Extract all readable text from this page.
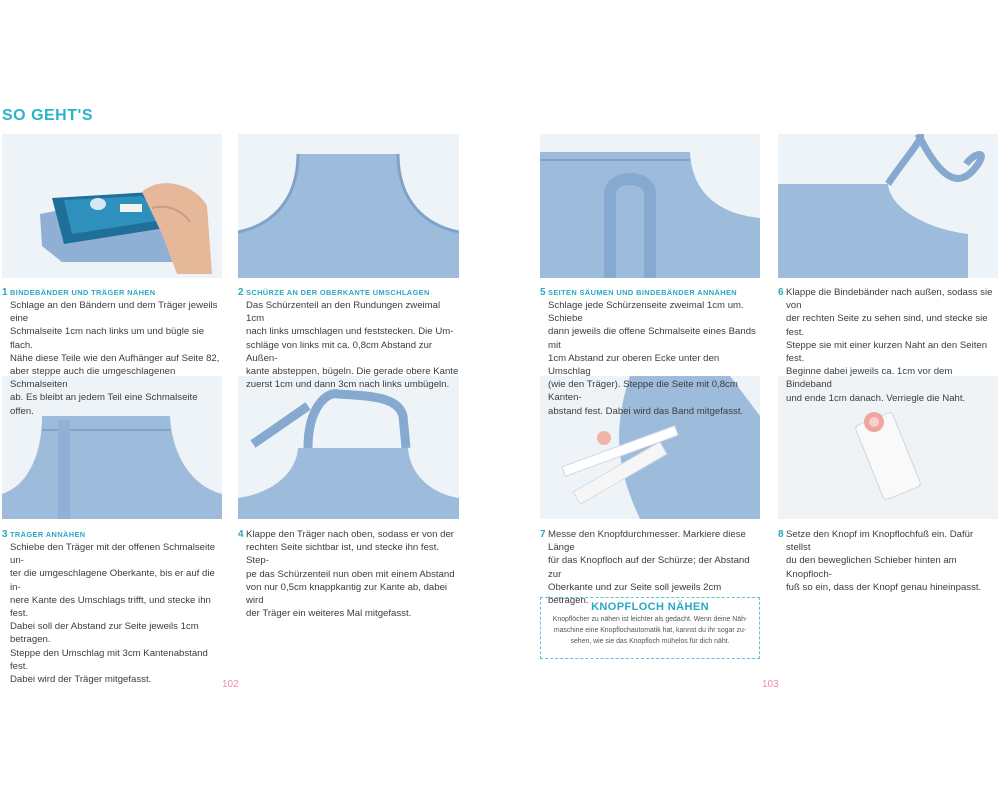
SO GEHT'S
1 BINDEBÄNDER UND TRÄGER NÄHEN
Schlage an den Bändern und dem Träger jeweils eine
Schmalseite 1cm nach links um und bügle sie flach.
Nähe diese Teile wie den Aufhänger auf Seite 82,
aber steppe auch die umgeschlagenen Schmalseiten
ab. Es bleibt an jedem Teil eine Schmalseite offen.
2 SCHÜRZE AN DER OBERKANTE UMSCHLAGEN
Das Schürzenteil an den Rundungen zweimal 1cm
nach links umschlagen und feststecken. Die Um-
schläge von links mit ca. 0,8cm Abstand zur Außen-
kante absteppen, bügeln. Die gerade obere Kante
zuerst 1cm und dann 3cm nach links umbügeln.
5 SEITEN SÄUMEN UND BINDEBÄNDER ANNÄHEN
Schlage jede Schürzenseite zweimal 1cm um. Schiebe
dann jeweils die offene Schmalseite eines Bands mit
1cm Abstand zur oberen Ecke unter den Umschlag
(wie den Träger). Steppe die Seite mit 0,8cm Kanten-
abstand fest. Dabei wird das Band mitgefasst.
6 Klappe die Bindebänder nach außen, sodass sie von
der rechten Seite zu sehen sind, und stecke sie fest.
Steppe sie mit einer kurzen Naht an den Seiten fest.
Beginne dabei jeweils ca. 1cm vor dem Bindeband
und ende 1cm danach. Verriegle die Naht.
3 TRÄGER ANNÄHEN
Schiebe den Träger mit der offenen Schmalseite un-
ter die umgeschlagene Oberkante, bis er auf die in-
nere Kante des Umschlags trifft, und stecke ihn fest.
Dabei soll der Abstand zur Seite jeweils 1cm betragen.
Steppe den Umschlag mit 3cm Kantenabstand fest.
Dabei wird der Träger mitgefasst.
4 Klappe den Träger nach oben, sodass er von der
rechten Seite sichtbar ist, und stecke ihn fest. Step-
pe das Schürzenteil nun oben mit einem Abstand
von nur 0,5cm knappkantig zur Kante ab, dabei wird
der Träger ein weiteres Mal mitgefasst.
7 Messe den Knopfdurchmesser. Markiere diese Länge
für das Knopfloch auf der Schürze; der Abstand zur
Oberkante und zur Seite soll jeweils 2cm betragen.
8 Setze den Knopf im Knopflochfuß ein. Dafür stellst
du den beweglichen Schieber hinten am Knopfloch-
fuß so ein, dass der Knopf genau hineinpasst.
KNOPFLOCH NÄHEN
Knopflöcher zu nähen ist leichter als gedacht. Wenn deine Näh-
maschine eine Knopflochautomatik hat, kannst du ihr sogar zu-
sehen, wie sie das Knopfloch mühelos für dich näht.
102	103
